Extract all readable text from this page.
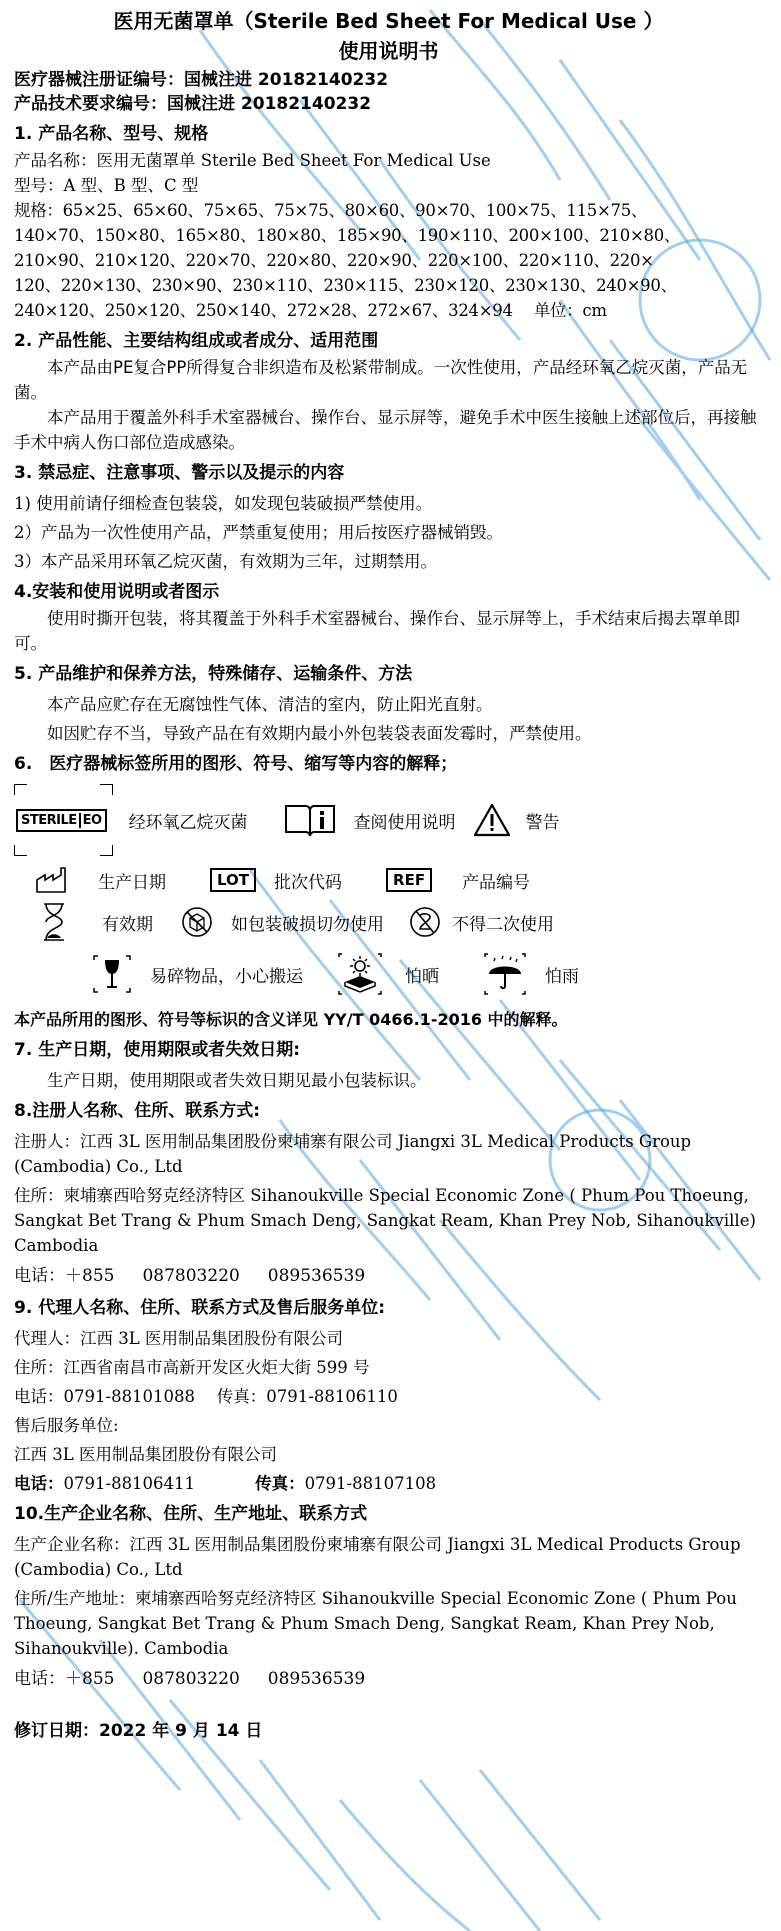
医用无菌罩单（Sterile Bed Sheet For Medical Use ）
使用说明书
医疗器械注册证编号：国械注进 20182140232
产品技术要求编号：国械注进 20182140232
1. 产品名称、型号、规格
产品名称：医用无菌罩单 Sterile Bed Sheet For Medical Use
型号：A 型、B 型、C 型
规格：65×25、65×60、75×65、75×75、80×60、90×70、100×75、115×75、
140×70、150×80、165×80、180×80、185×90、190×110、200×100、210×80、
210×90、210×120、220×70、220×80、220×90、220×100、220×110、220×
120、220×130、230×90、230×110、230×115、230×120、230×130、240×90、
240×120、250×120、250×140、272×28、272×67、324×94　 单位：cm
2. 产品性能、主要结构组成或者成分、适用范围
本产品由PE复合PP所得复合非织造布及松紧带制成。一次性使用，产品经环氧乙烷灭菌，产品无菌。
本产品用于覆盖外科手术室器械台、操作台、显示屏等，避免手术中医生接触上述部位后，再接触手术中病人伤口部位造成感染。
3. 禁忌症、注意事项、警示以及提示的内容
1) 使用前请仔细检查包装袋，如发现包装破损严禁使用。
2）产品为一次性使用产品，严禁重复使用；用后按医疗器械销毁。
3）本产品采用环氧乙烷灭菌，有效期为三年，过期禁用。
4.安装和使用说明或者图示
使用时撕开包装，将其覆盖于外科手术室器械台、操作台、显示屏等上，手术结束后揭去罩单即可。
5. 产品维护和保养方法，特殊储存、运输条件、方法
本产品应贮存在无腐蚀性气体、清洁的室内，防止阳光直射。
如因贮存不当，导致产品在有效期内最小外包装袋表面发霉时，严禁使用。
6.　医疗器械标签所用的图形、符号、缩写等内容的解释；
STERILE EO 经环氧乙烷灭菌	查阅使用说明	警告
生产日期	LOT	批次代码	REF	产品编号
有效期	如包装破损切勿使用	不得二次使用
易碎物品，小心搬运	怕晒	怕雨
本产品所用的图形、符号等标识的含义详见 YY/T 0466.1-2016 中的解释。
7. 生产日期，使用期限或者失效日期:
生产日期，使用期限或者失效日期见最小包装标识。
8.注册人名称、住所、联系方式:
注册人：江西 3L 医用制品集团股份柬埔寨有限公司 Jiangxi 3L Medical Products Group (Cambodia) Co., Ltd
住所：柬埔寨西哈努克经济特区 Sihanoukville Special Economic Zone ( Phum Pou Thoeung, Sangkat Bet Trang & Phum Smach Deng, Sangkat Ream, Khan Prey Nob, Sihanoukville) Cambodia
电话：＋855 087803220 089536539
9. 代理人名称、住所、联系方式及售后服务单位:
代理人：江西 3L 医用制品集团股份有限公司
住所：江西省南昌市高新开发区火炬大街 599 号
电话：0791-88101088　 传真：0791-88106110
售后服务单位:
江西 3L 医用制品集团股份有限公司
电话：0791-88106411	传真：0791-88107108
10.生产企业名称、住所、生产地址、联系方式
生产企业名称：江西 3L 医用制品集团股份柬埔寨有限公司 Jiangxi 3L Medical Products Group (Cambodia) Co., Ltd
住所/生产地址：柬埔寨西哈努克经济特区 Sihanoukville Special Economic Zone ( Phum Pou Thoeung, Sangkat Bet Trang & Phum Smach Deng, Sangkat Ream, Khan Prey Nob, Sihanoukville). Cambodia
电话：＋855 087803220 089536539
修订日期：2022 年 9 月 14 日
